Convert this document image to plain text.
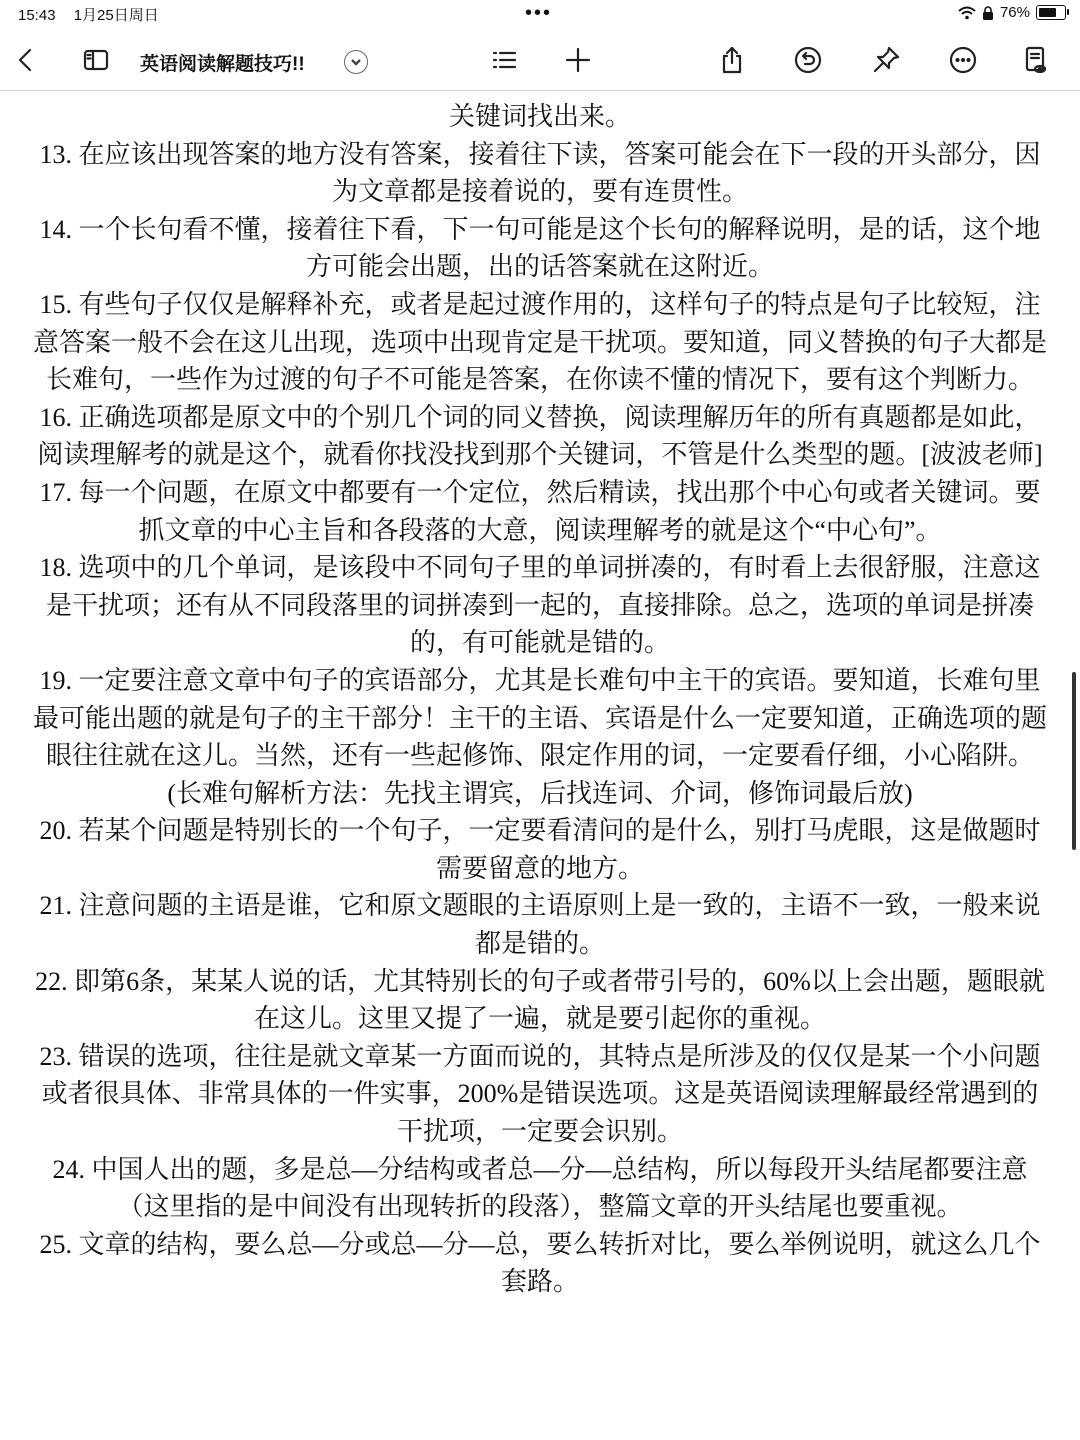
15:43 1月25日周日	•••	76%
英语阅读解题技巧!!

关键词找出来。

13. 在应该出现答案的地方没有答案，接着往下读，答案可能会在下一段的开头部分，因为文章都是接着说的，要有连贯性。

14. 一个长句看不懂，接着往下看，下一句可能是这个长句的解释说明，是的话，这个地方可能会出题，出的话答案就在这附近。

15. 有些句子仅仅是解释补充，或者是起过渡作用的，这样句子的特点是句子比较短，注意答案一般不会在这儿出现，选项中出现肯定是干扰项。要知道，同义替换的句子大都是长难句，一些作为过渡的句子不可能是答案，在你读不懂的情况下，要有这个判断力。

16. 正确选项都是原文中的个别几个词的同义替换，阅读理解历年的所有真题都是如此，阅读理解考的就是这个，就看你找没找到那个关键词，不管是什么类型的题。[波波老师]

17. 每一个问题，在原文中都要有一个定位，然后精读，找出那个中心句或者关键词。要抓文章的中心主旨和各段落的大意，阅读理解考的就是这个“中心句”。

18. 选项中的几个单词，是该段中不同句子里的单词拼凑的，有时看上去很舒服，注意这是干扰项；还有从不同段落里的词拼凑到一起的，直接排除。总之，选项的单词是拼凑的，有可能就是错的。

19. 一定要注意文章中句子的宾语部分，尤其是长难句中主干的宾语。要知道，长难句里最可能出题的就是句子的主干部分！主干的主语、宾语是什么一定要知道，正确选项的题眼往往就在这儿。当然，还有一些起修饰、限定作用的词，一定要看仔细，小心陷阱。

(长难句解析方法：先找主谓宾，后找连词、介词，修饰词最后放)

20. 若某个问题是特别长的一个句子，一定要看清问的是什么，别打马虎眼，这是做题时需要留意的地方。

21. 注意问题的主语是谁，它和原文题眼的主语原则上是一致的，主语不一致，一般来说都是错的。

22. 即第6条，某某人说的话，尤其特别长的句子或者带引号的，60%以上会出题，题眼就在这儿。这里又提了一遍，就是要引起你的重视。

23. 错误的选项，往往是就文章某一方面而说的，其特点是所涉及的仅仅是某一个小问题或者很具体、非常具体的一件实事，200%是错误选项。这是英语阅读理解最经常遇到的干扰项，一定要会识别。

24. 中国人出的题，多是总—分结构或者总—分—总结构，所以每段开头结尾都要注意（这里指的是中间没有出现转折的段落），整篇文章的开头结尾也要重视。

25. 文章的结构，要么总—分或总—分—总，要么转折对比，要么举例说明，就这么几个套路。
